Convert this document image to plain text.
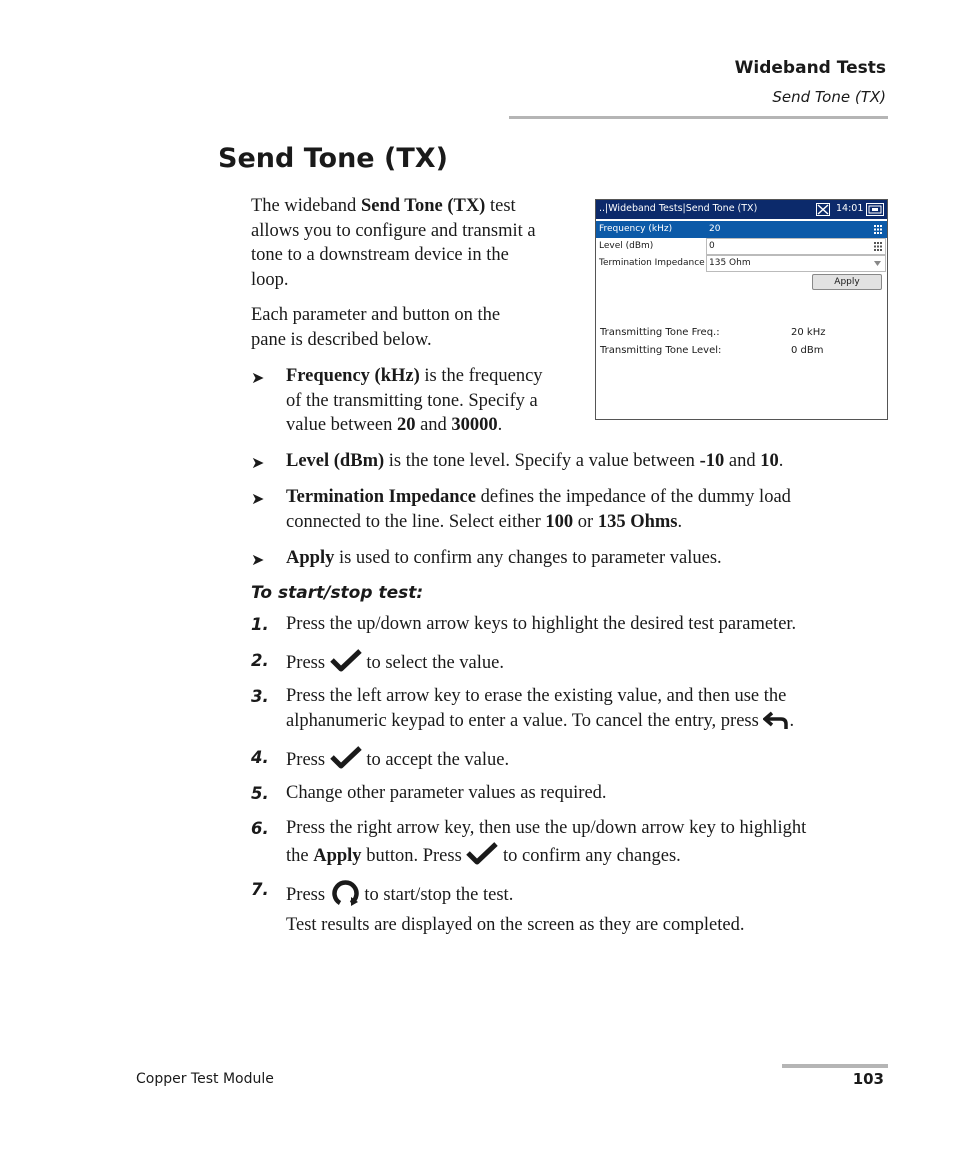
Wideband Tests
Send Tone (TX)
Send Tone (TX)

The wideband Send Tone (TX) test
allows you to configure and transmit a
tone to a downstream device in the
loop.

Each parameter and button on the
pane is described below.

➤ Frequency (kHz) is the frequency
of the transmitting tone. Specify a
value between 20 and 30000.

➤ Level (dBm) is the tone level. Specify a value between -10 and 10.

➤ Termination Impedance defines the impedance of the dummy load
connected to the line. Select either 100 or 135 Ohms.

➤ Apply is used to confirm any changes to parameter values.

To start/stop test:
1. Press the up/down arrow keys to highlight the desired test parameter.

2. Press to select the value.

3. Press the left arrow key to erase the existing value, and then use the
alphanumeric keypad to enter a value. To cancel the entry, press .

4. Press to accept the value.

5. Change other parameter values as required.

6. Press the right arrow key, then use the up/down arrow key to highlight
the Apply button. Press  to confirm any changes.

7. Press to start/stop the test.

Test results are displayed on the screen as they are completed.

..|Wideband Tests|Send Tone (TX)	14:01
Frequency (kHz)	20
Level (dBm)	0
Termination Impedance 135 Ohm
Apply
Transmitting Tone Freq.:	20 kHz
Transmitting Tone Level:	0 dBm
Copper Test Module	103
